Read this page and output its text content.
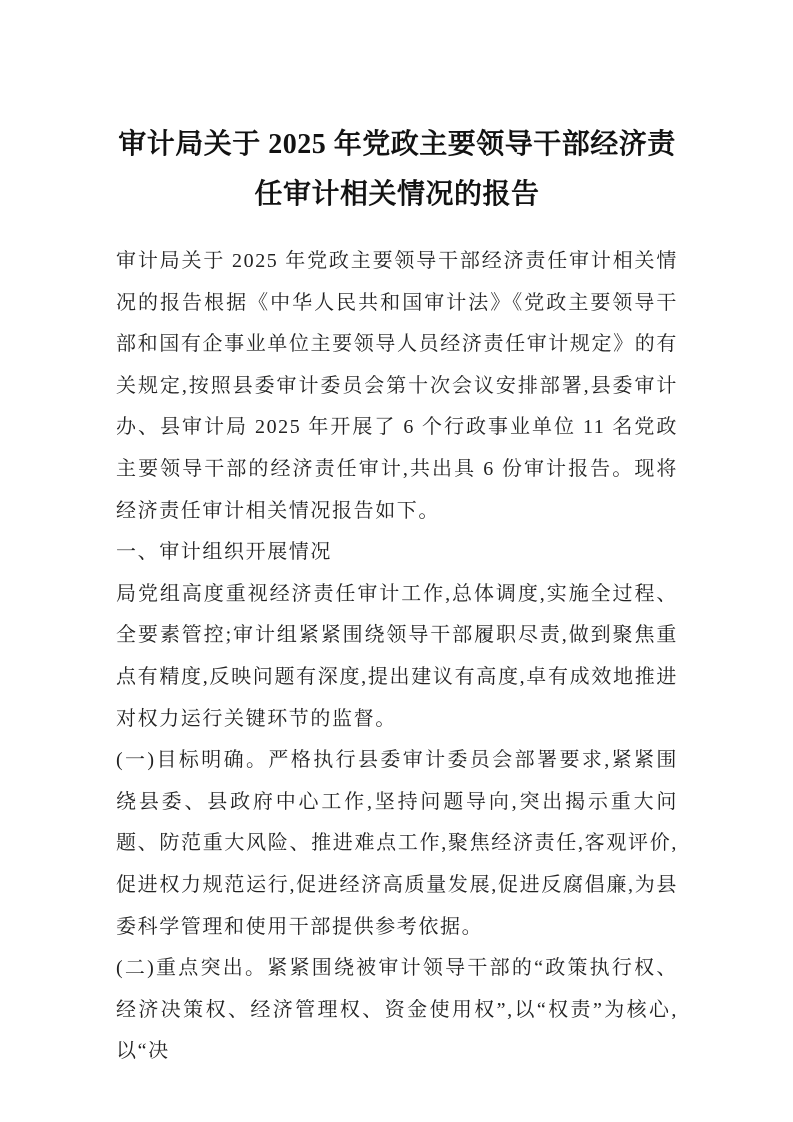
审计局关于 2025 年党政主要领导干部经济责任审计相关情况的报告

审计局关于 2025 年党政主要领导干部经济责任审计相关情况的报告根据《中华人民共和国审计法》《党政主要领导干部和国有企事业单位主要领导人员经济责任审计规定》的有关规定,按照县委审计委员会第十次会议安排部署,县委审计办、县审计局 2025 年开展了 6 个行政事业单位 11 名党政主要领导干部的经济责任审计,共出具 6 份审计报告。现将经济责任审计相关情况报告如下。

一、审计组织开展情况

局党组高度重视经济责任审计工作,总体调度,实施全过程、全要素管控;审计组紧紧围绕领导干部履职尽责,做到聚焦重点有精度,反映问题有深度,提出建议有高度,卓有成效地推进对权力运行关键环节的监督。

(一)目标明确。严格执行县委审计委员会部署要求,紧紧围绕县委、县政府中心工作,坚持问题导向,突出揭示重大问题、防范重大风险、推进难点工作,聚焦经济责任,客观评价,促进权力规范运行,促进经济高质量发展,促进反腐倡廉,为县委科学管理和使用干部提供参考依据。

(二)重点突出。紧紧围绕被审计领导干部的“政策执行权、经济决策权、经济管理权、资金使用权”,以“权责”为核心,以“决
